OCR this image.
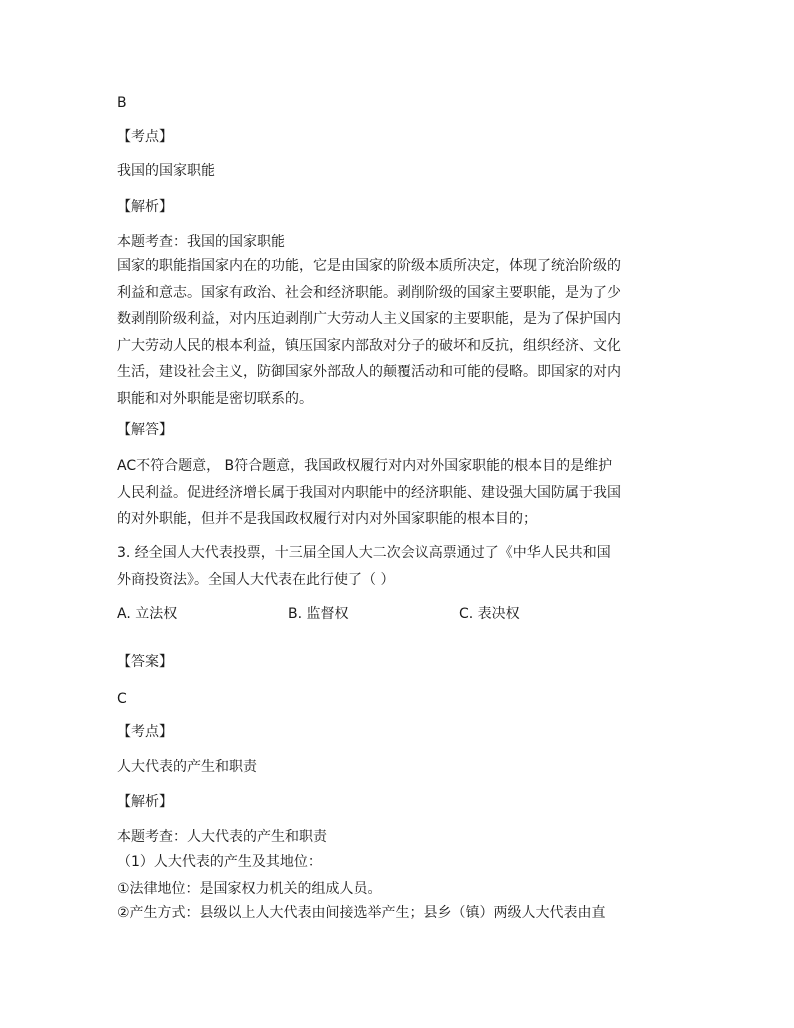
B
【考点】
我国的国家职能
【解析】
本题考查：我国的国家职能
国家的职能指国家内在的功能，它是由国家的阶级本质所决定，体现了统治阶级的
利益和意志。国家有政治、社会和经济职能。剥削阶级的国家主要职能，是为了少
数剥削阶级利益，对内压迫剥削广大劳动人主义国家的主要职能，是为了保护国内
广大劳动人民的根本利益，镇压国家内部敌对分子的破坏和反抗，组织经济、文化
生活，建设社会主义，防御国家外部敌人的颠覆活动和可能的侵略。即国家的对内
职能和对外职能是密切联系的。
【解答】
AC不符合题意， B符合题意，我国政权履行对内对外国家职能的根本目的是维护
人民利益。促进经济增长属于我国对内职能中的经济职能、建设强大国防属于我国
的对外职能，但并不是我国政权履行对内对外国家职能的根本目的；
3. 经全国人大代表投票，十三届全国人大二次会议高票通过了《中华人民共和国
外商投资法》。全国人大代表在此行使了（ ）
A. 立法权	B. 监督权	C. 表决权
【答案】
C
【考点】
人大代表的产生和职责
【解析】
本题考查：人大代表的产生和职责
（1）人大代表的产生及其地位：
①法律地位：是国家权力机关的组成人员。
②产生方式：县级以上人大代表由间接选举产生；县乡（镇）两级人大代表由直
